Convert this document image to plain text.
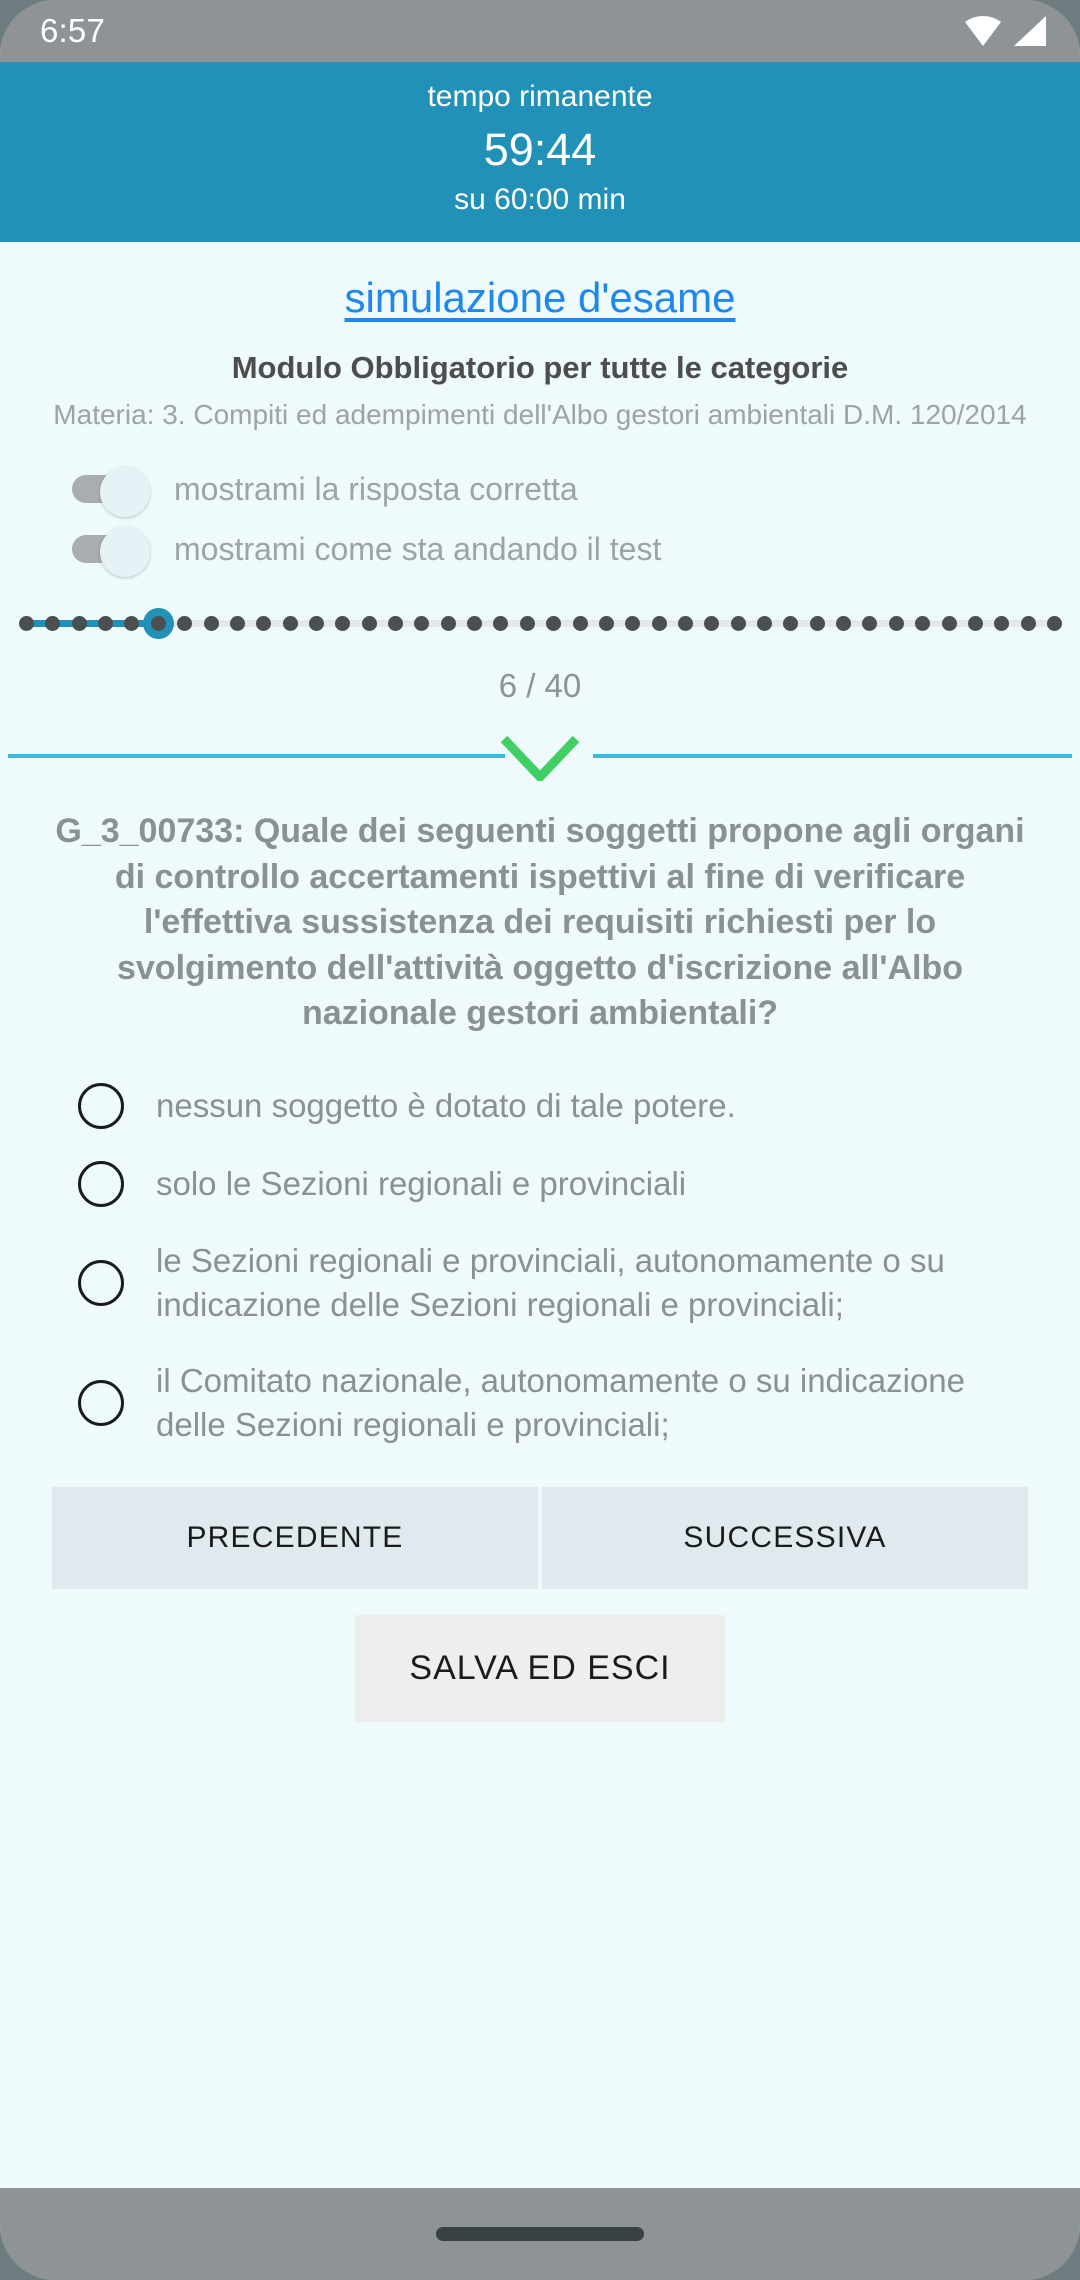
6:57
tempo rimanente
59:44
su 60:00 min
simulazione d'esame
Modulo Obbligatorio per tutte le categorie
Materia: 3. Compiti ed adempimenti dell'Albo gestori ambientali D.M. 120/2014
mostrami la risposta corretta
mostrami come sta andando il test
6 / 40
G_3_00733: Quale dei seguenti soggetti propone agli organi di controllo accertamenti ispettivi al fine di verificare l'effettiva sussistenza dei requisiti richiesti per lo svolgimento dell'attività oggetto d'iscrizione all'Albo nazionale gestori ambientali?
nessun soggetto è dotato di tale potere.
solo le Sezioni regionali e provinciali
le Sezioni regionali e provinciali, autonomamente o su indicazione delle Sezioni regionali e provinciali;
il Comitato nazionale, autonomamente o su indicazione delle Sezioni regionali e provinciali;
PRECEDENTE	SUCCESSIVA
SALVA ED ESCI
